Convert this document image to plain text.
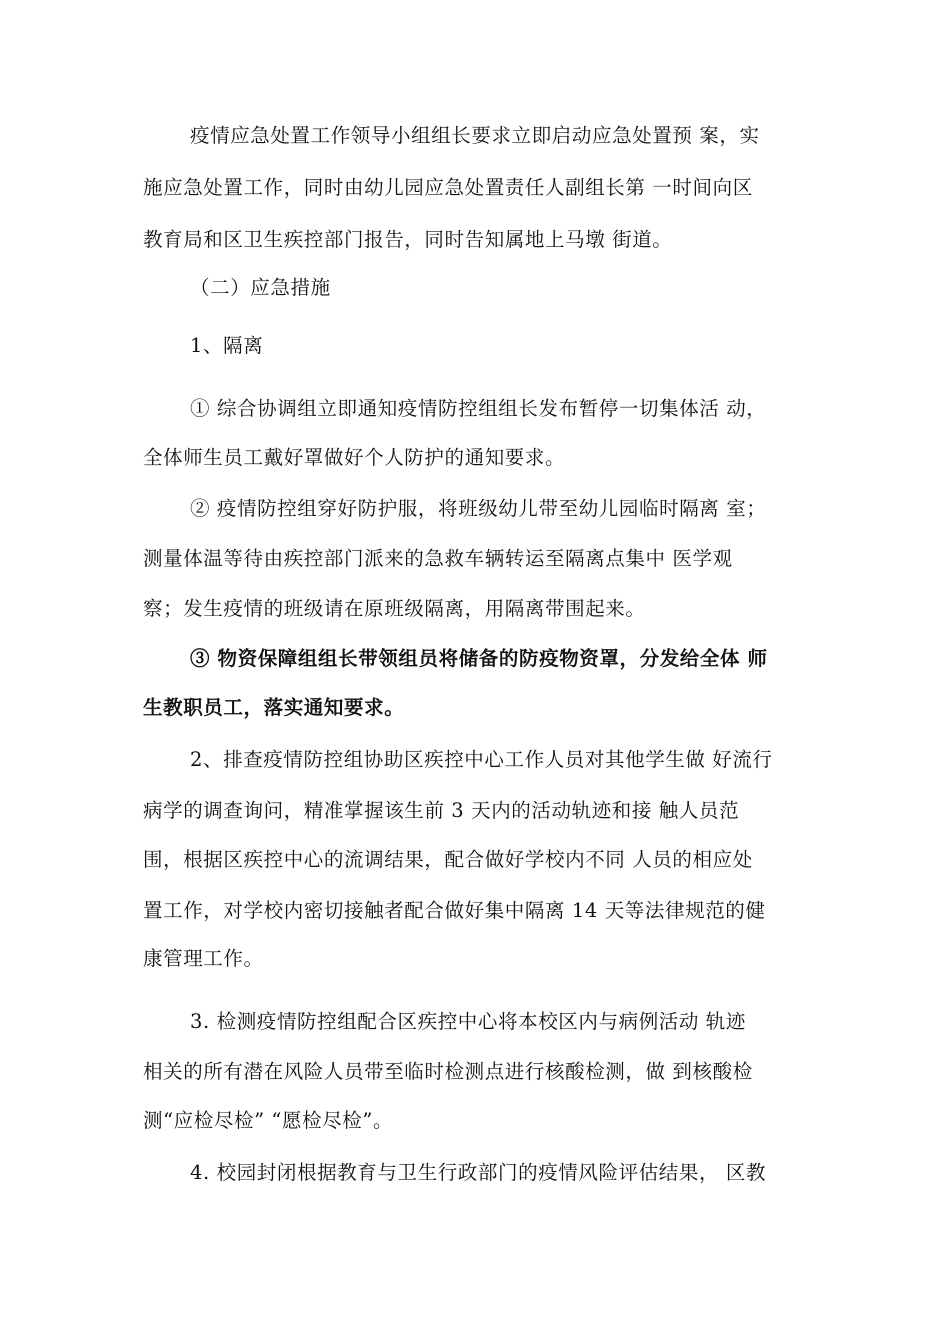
疫情应急处置工作领导小组组长要求立即启动应急处置预 案，实
施应急处置工作，同时由幼儿园应急处置责任人副组长第 一时间向区
教育局和区卫生疾控部门报告，同时告知属地上马墩 街道。
（二）应急措施
1、隔离
① 综合协调组立即通知疫情防控组组长发布暂停一切集体活 动，
全体师生员工戴好罩做好个人防护的通知要求。
② 疫情防控组穿好防护服，将班级幼儿带至幼儿园临时隔离 室；
测量体温等待由疾控部门派来的急救车辆转运至隔离点集中 医学观
察；发生疫情的班级请在原班级隔离，用隔离带围起来。
③ 物资保障组组长带领组员将储备的防疫物资罩，分发给全体 师
生教职员工，落实通知要求。
2、排查疫情防控组协助区疾控中心工作人员对其他学生做 好流行
病学的调查询问，精准掌握该生前 3 天内的活动轨迹和接 触人员范
围，根据区疾控中心的流调结果，配合做好学校内不同 人员的相应处
置工作，对学校内密切接触者配合做好集中隔离 14 天等法律规范的健
康管理工作。
3. 检测疫情防控组配合区疾控中心将本校区内与病例活动 轨迹
相关的所有潜在风险人员带至临时检测点进行核酸检测，做 到核酸检
测“应检尽检” “愿检尽检”。
4. 校园封闭根据教育与卫生行政部门的疫情风险评估结果， 区教
